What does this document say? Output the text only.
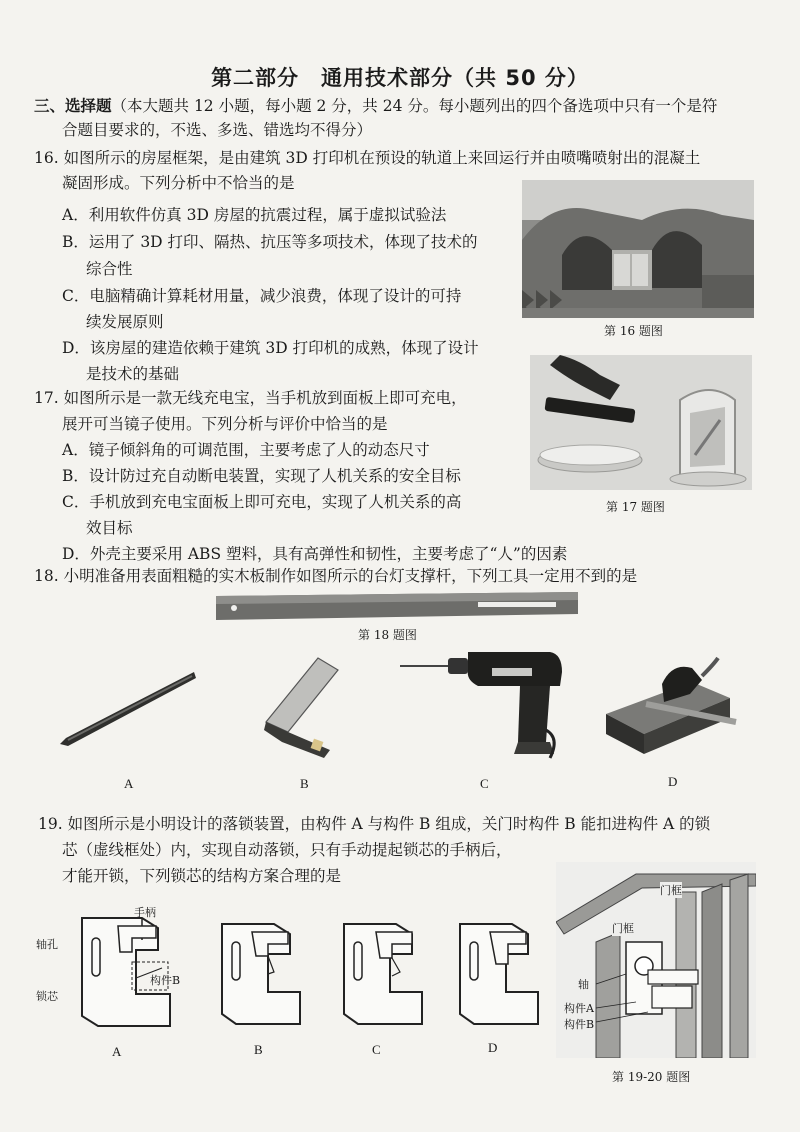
第二部分　通用技术部分（共 50 分）
三、选择题（本大题共 12 小题，每小题 2 分，共 24 分。每小题列出的四个备选项中只有一个是符
合题目要求的，不选、多选、错选均不得分）
16. 如图所示的房屋框架，是由建筑 3D 打印机在预设的轨道上来回运行并由喷嘴喷射出的混凝土
凝固形成。下列分析中不恰当的是
A．利用软件仿真 3D 房屋的抗震过程，属于虚拟试验法
B．运用了 3D 打印、隔热、抗压等多项技术，体现了技术的
综合性
C．电脑精确计算耗材用量，减少浪费，体现了设计的可持
续发展原则
D．该房屋的建造依赖于建筑 3D 打印机的成熟，体现了设计
是技术的基础
第 16 题图
17. 如图所示是一款无线充电宝，当手机放到面板上即可充电，
展开可当镜子使用。下列分析与评价中恰当的是
A．镜子倾斜角的可调范围，主要考虑了人的动态尺寸
B．设计防过充自动断电装置，实现了人机关系的安全目标
C．手机放到充电宝面板上即可充电，实现了人机关系的高
效目标
D．外壳主要采用 ABS 塑料，具有高弹性和韧性，主要考虑了“人”的因素
第 17 题图
18. 小明准备用表面粗糙的实木板制作如图所示的台灯支撑杆，下列工具一定用不到的是
第 18 题图
A	B	C	D
19. 如图所示是小明设计的落锁装置，由构件 A 与构件 B 组成，关门时构件 B 能扣进构件 A 的锁
芯（虚线框处）内，实现自动落锁，只有手动提起锁芯的手柄后，
才能开锁，下列锁芯的结构方案合理的是
手柄
轴孔
锁芯
构件B
A	B	C	D
门框
门框
轴
构件A
构件B
第 19-20 题图
